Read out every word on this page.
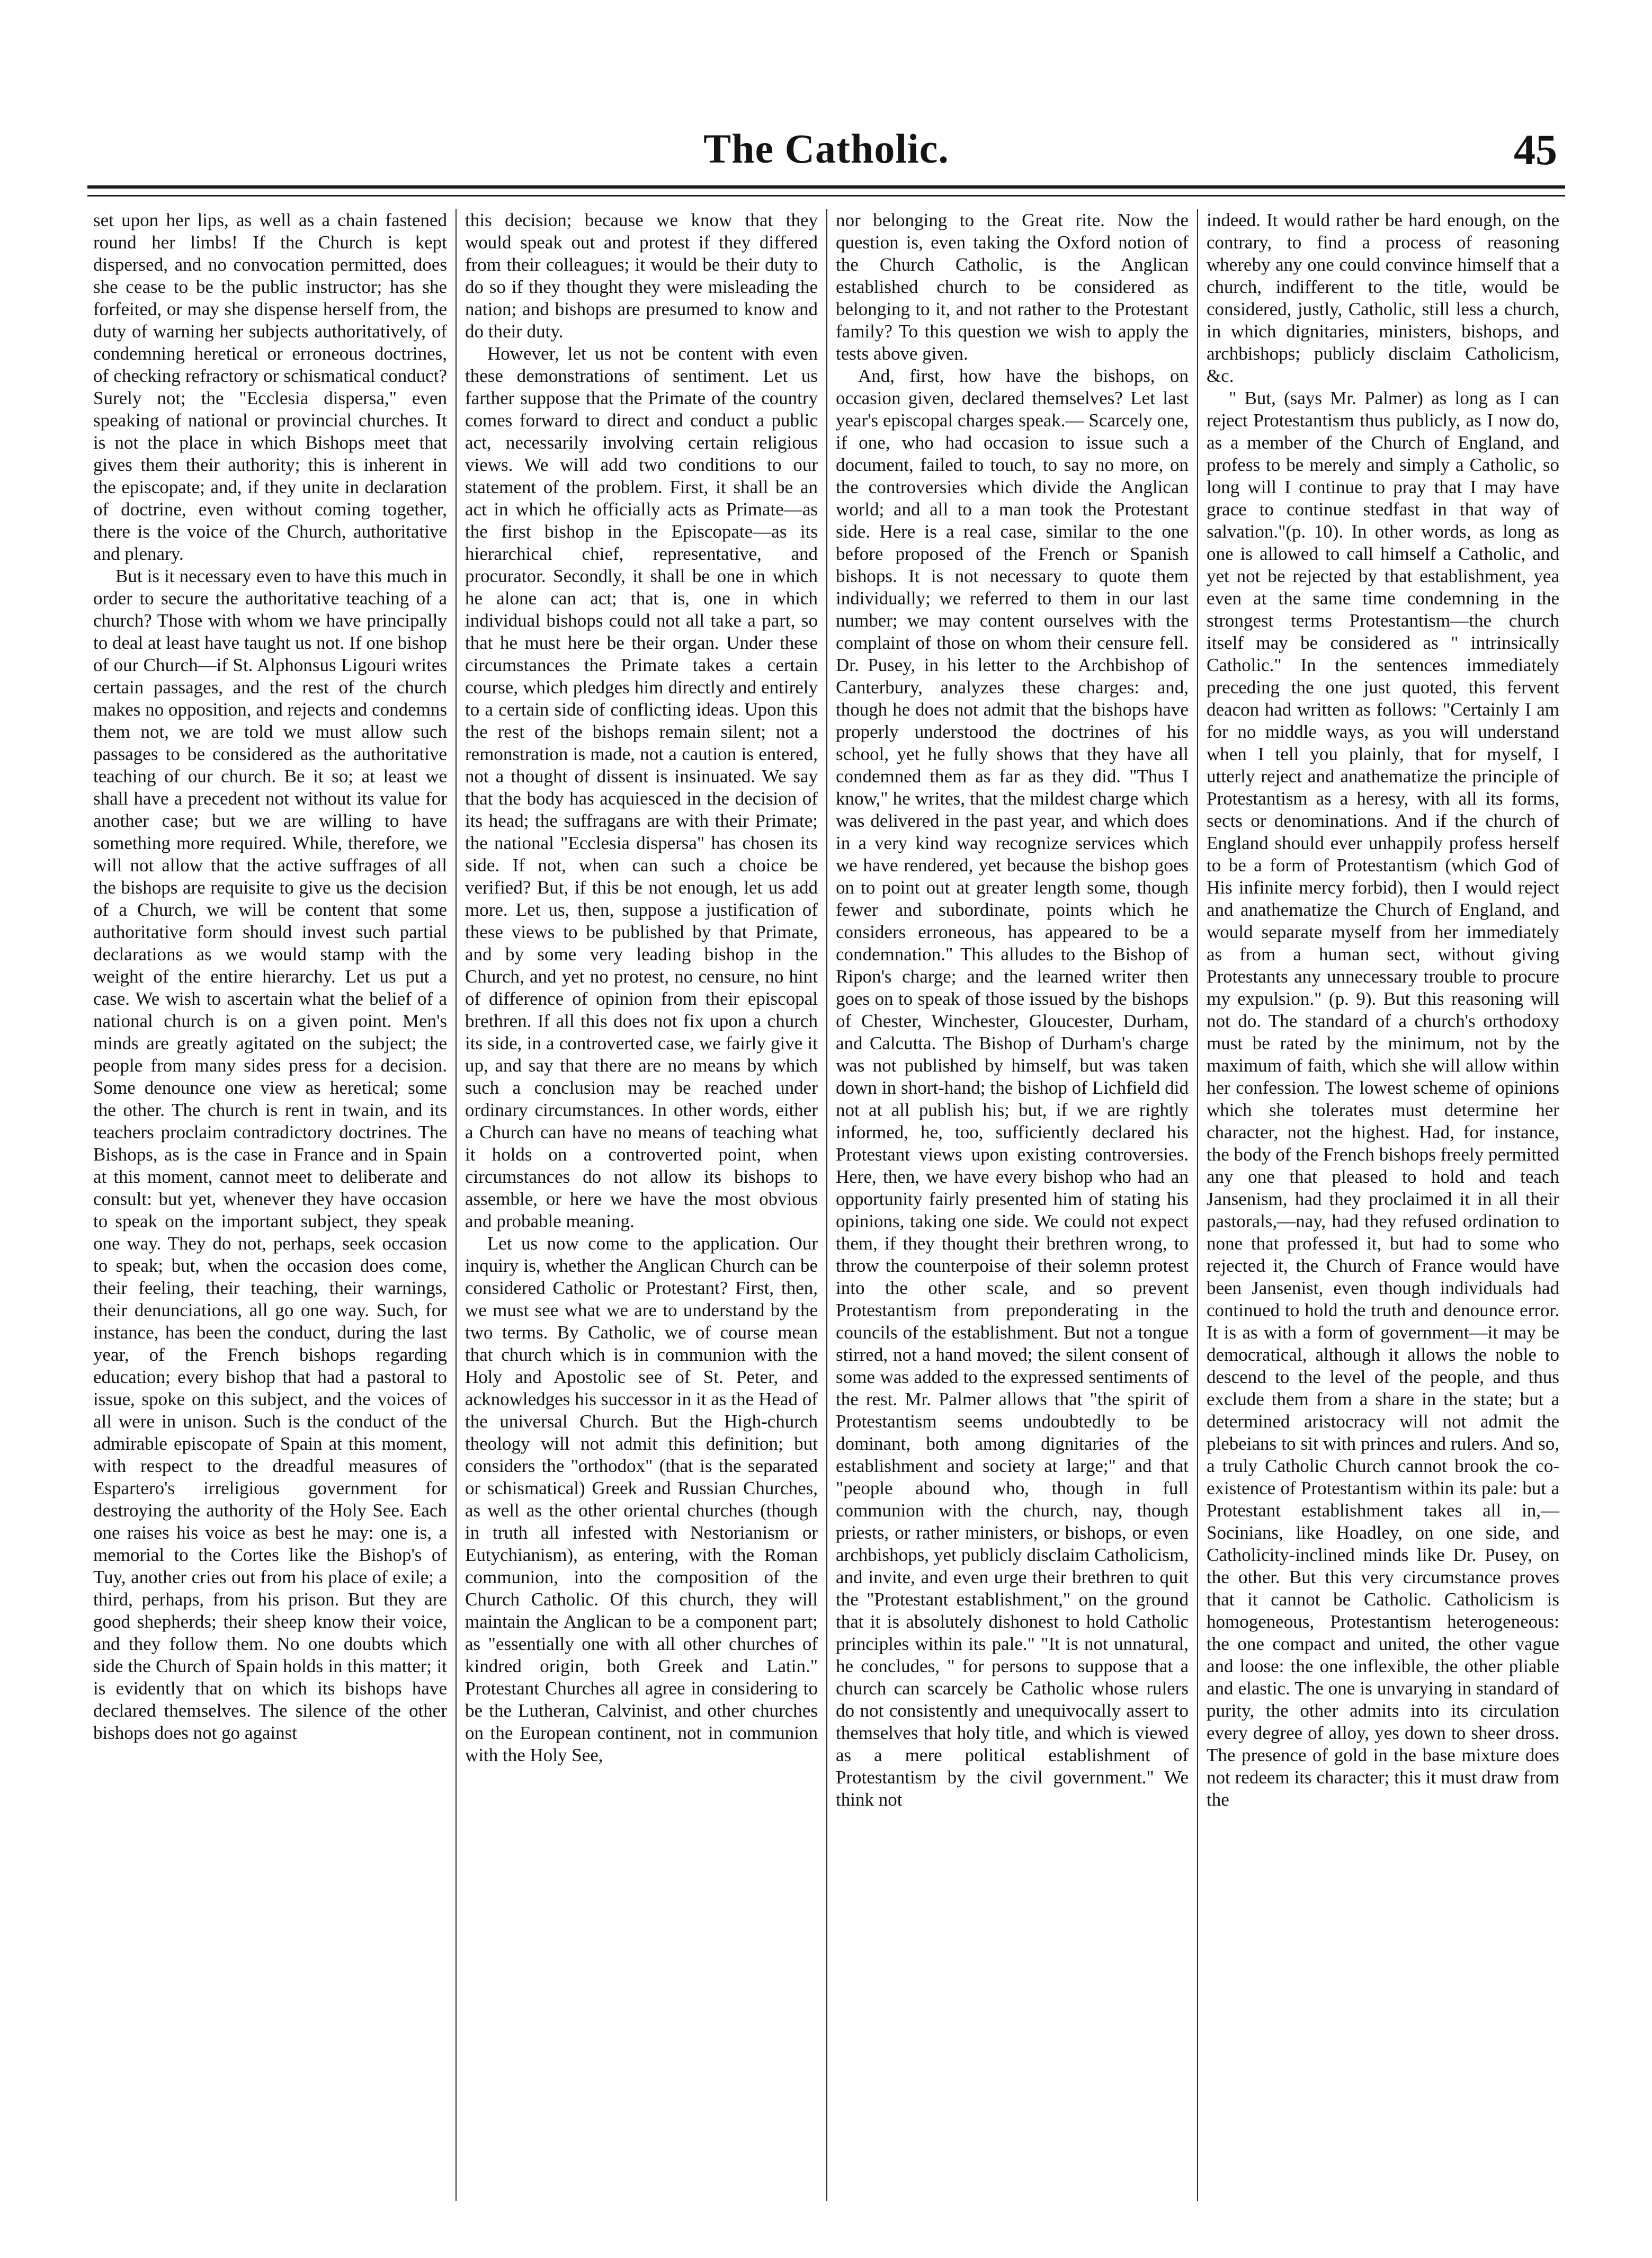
The Catholic.	45

set upon her lips, as well as a chain fastened round her limbs! If the Church is kept dispersed, and no convocation permitted, does she cease to be the public instructor; has she forfeited, or may she dispense herself from, the duty of warning her subjects authoritatively, of condemning heretical or erroneous doctrines, of checking refractory or schismatical conduct? Surely not; the "Ecclesia dispersa," even speaking of national or provincial churches. It is not the place in which Bishops meet that gives them their authority; this is inherent in the episcopate; and, if they unite in declaration of doctrine, even without coming together, there is the voice of the Church, authoritative and plenary.

But is it necessary even to have this much in order to secure the authoritative teaching of a church? Those with whom we have principally to deal at least have taught us not. If one bishop of our Church—if St. Alphonsus Ligouri writes certain passages, and the rest of the church makes no opposition, and rejects and condemns them not, we are told we must allow such passages to be considered as the authoritative teaching of our church. Be it so; at least we shall have a precedent not without its value for another case; but we are willing to have something more required. While, therefore, we will not allow that the active suffrages of all the bishops are requisite to give us the decision of a Church, we will be content that some authoritative form should invest such partial declarations as we would stamp with the weight of the entire hierarchy. Let us put a case. We wish to ascertain what the belief of a national church is on a given point. Men's minds are greatly agitated on the subject; the people from many sides press for a decision. Some denounce one view as heretical; some the other. The church is rent in twain, and its teachers proclaim contradictory doctrines. The Bishops, as is the case in France and in Spain at this moment, cannot meet to deliberate and consult: but yet, whenever they have occasion to speak on the important subject, they speak one way. They do not, perhaps, seek occasion to speak; but, when the occasion does come, their feeling, their teaching, their warnings, their denunciations, all go one way. Such, for instance, has been the conduct, during the last year, of the French bishops regarding education; every bishop that had a pastoral to issue, spoke on this subject, and the voices of all were in unison. Such is the conduct of the admirable episcopate of Spain at this moment, with respect to the dreadful measures of Espartero's irreligious government for destroying the authority of the Holy See. Each one raises his voice as best he may: one is, a memorial to the Cortes like the Bishop's of Tuy, another cries out from his place of exile; a third, perhaps, from his prison. But they are good shepherds; their sheep know their voice, and they follow them. No one doubts which side the Church of Spain holds in this matter; it is evidently that on which its bishops have declared themselves. The silence of the other bishops does not go against

this decision; because we know that they would speak out and protest if they differed from their colleagues; it would be their duty to do so if they thought they were misleading the nation; and bishops are presumed to know and do their duty.

However, let us not be content with even these demonstrations of sentiment. Let us farther suppose that the Primate of the country comes forward to direct and conduct a public act, necessarily involving certain religious views. We will add two conditions to our statement of the problem. First, it shall be an act in which he officially acts as Primate—as the first bishop in the Episcopate—as its hierarchical chief, representative, and procurator. Secondly, it shall be one in which he alone can act; that is, one in which individual bishops could not all take a part, so that he must here be their organ. Under these circumstances the Primate takes a certain course, which pledges him directly and entirely to a certain side of conflicting ideas. Upon this the rest of the bishops remain silent; not a remonstration is made, not a caution is entered, not a thought of dissent is insinuated. We say that the body has acquiesced in the decision of its head; the suffragans are with their Primate; the national "Ecclesia dispersa" has chosen its side. If not, when can such a choice be verified? But, if this be not enough, let us add more. Let us, then, suppose a justification of these views to be published by that Primate, and by some very leading bishop in the Church, and yet no protest, no censure, no hint of difference of opinion from their episcopal brethren. If all this does not fix upon a church its side, in a controverted case, we fairly give it up, and say that there are no means by which such a conclusion may be reached under ordinary circumstances. In other words, either a Church can have no means of teaching what it holds on a controverted point, when circumstances do not allow its bishops to assemble, or here we have the most obvious and probable meaning.

Let us now come to the application. Our inquiry is, whether the Anglican Church can be considered Catholic or Protestant? First, then, we must see what we are to understand by the two terms. By Catholic, we of course mean that church which is in communion with the Holy and Apostolic see of St. Peter, and acknowledges his successor in it as the Head of the universal Church. But the High-church theology will not admit this definition; but considers the "orthodox" (that is the separated or schismatical) Greek and Russian Churches, as well as the other oriental churches (though in truth all infested with Nestorianism or Eutychianism), as entering, with the Roman communion, into the composition of the Church Catholic. Of this church, they will maintain the Anglican to be a component part; as "essentially one with all other churches of kindred origin, both Greek and Latin." Protestant Churches all agree in considering to be the Lutheran, Calvinist, and other churches on the European continent, not in communion with the Holy See,

nor belonging to the Great rite. Now the question is, even taking the Oxford notion of the Church Catholic, is the Anglican established church to be considered as belonging to it, and not rather to the Protestant family? To this question we wish to apply the tests above given.

And, first, how have the bishops, on occasion given, declared themselves? Let last year's episcopal charges speak.— Scarcely one, if one, who had occasion to issue such a document, failed to touch, to say no more, on the controversies which divide the Anglican world; and all to a man took the Protestant side. Here is a real case, similar to the one before proposed of the French or Spanish bishops. It is not necessary to quote them individually; we referred to them in our last number; we may content ourselves with the complaint of those on whom their censure fell. Dr. Pusey, in his letter to the Archbishop of Canterbury, analyzes these charges: and, though he does not admit that the bishops have properly understood the doctrines of his school, yet he fully shows that they have all condemned them as far as they did. "Thus I know," he writes, that the mildest charge which was delivered in the past year, and which does in a very kind way recognize services which we have rendered, yet because the bishop goes on to point out at greater length some, though fewer and subordinate, points which he considers erroneous, has appeared to be a condemnation." This alludes to the Bishop of Ripon's charge; and the learned writer then goes on to speak of those issued by the bishops of Chester, Winchester, Gloucester, Durham, and Calcutta. The Bishop of Durham's charge was not published by himself, but was taken down in short-hand; the bishop of Lichfield did not at all publish his; but, if we are rightly informed, he, too, sufficiently declared his Protestant views upon existing controversies. Here, then, we have every bishop who had an opportunity fairly presented him of stating his opinions, taking one side. We could not expect them, if they thought their brethren wrong, to throw the counterpoise of their solemn protest into the other scale, and so prevent Protestantism from preponderating in the councils of the establishment. But not a tongue stirred, not a hand moved; the silent consent of some was added to the expressed sentiments of the rest. Mr. Palmer allows that "the spirit of Protestantism seems undoubtedly to be dominant, both among dignitaries of the establishment and society at large;" and that "people abound who, though in full communion with the church, nay, though priests, or rather ministers, or bishops, or even archbishops, yet publicly disclaim Catholicism, and invite, and even urge their brethren to quit the "Protestant establishment," on the ground that it is absolutely dishonest to hold Catholic principles within its pale." "It is not unnatural, he concludes, " for persons to suppose that a church can scarcely be Catholic whose rulers do not consistently and unequivocally assert to themselves that holy title, and which is viewed as a mere political establishment of Protestantism by the civil government." We think not

indeed. It would rather be hard enough, on the contrary, to find a process of reasoning whereby any one could convince himself that a church, indifferent to the title, would be considered, justly, Catholic, still less a church, in which dignitaries, ministers, bishops, and archbishops; publicly disclaim Catholicism, &c.

" But, (says Mr. Palmer) as long as I can reject Protestantism thus publicly, as I now do, as a member of the Church of England, and profess to be merely and simply a Catholic, so long will I continue to pray that I may have grace to continue stedfast in that way of salvation."(p. 10). In other words, as long as one is allowed to call himself a Catholic, and yet not be rejected by that establishment, yea even at the same time condemning in the strongest terms Protestantism—the church itself may be considered as " intrinsically Catholic." In the sentences immediately preceding the one just quoted, this fervent deacon had written as follows: "Certainly I am for no middle ways, as you will understand when I tell you plainly, that for myself, I utterly reject and anathematize the principle of Protestantism as a heresy, with all its forms, sects or denominations. And if the church of England should ever unhappily profess herself to be a form of Protestantism (which God of His infinite mercy forbid), then I would reject and anathematize the Church of England, and would separate myself from her immediately as from a human sect, without giving Protestants any unnecessary trouble to procure my expulsion." (p. 9). But this reasoning will not do. The standard of a church's orthodoxy must be rated by the minimum, not by the maximum of faith, which she will allow within her confession. The lowest scheme of opinions which she tolerates must determine her character, not the highest. Had, for instance, the body of the French bishops freely permitted any one that pleased to hold and teach Jansenism, had they proclaimed it in all their pastorals,—nay, had they refused ordination to none that professed it, but had to some who rejected it, the Church of France would have been Jansenist, even though individuals had continued to hold the truth and denounce error. It is as with a form of government—it may be democratical, although it allows the noble to descend to the level of the people, and thus exclude them from a share in the state; but a determined aristocracy will not admit the plebeians to sit with princes and rulers. And so, a truly Catholic Church cannot brook the co-existence of Protestantism within its pale: but a Protestant establishment takes all in,—Socinians, like Hoadley, on one side, and Catholicity-inclined minds like Dr. Pusey, on the other. But this very circumstance proves that it cannot be Catholic. Catholicism is homogeneous, Protestantism heterogeneous: the one compact and united, the other vague and loose: the one inflexible, the other pliable and elastic. The one is unvarying in standard of purity, the other admits into its circulation every degree of alloy, yes down to sheer dross. The presence of gold in the base mixture does not redeem its character; this it must draw from the
